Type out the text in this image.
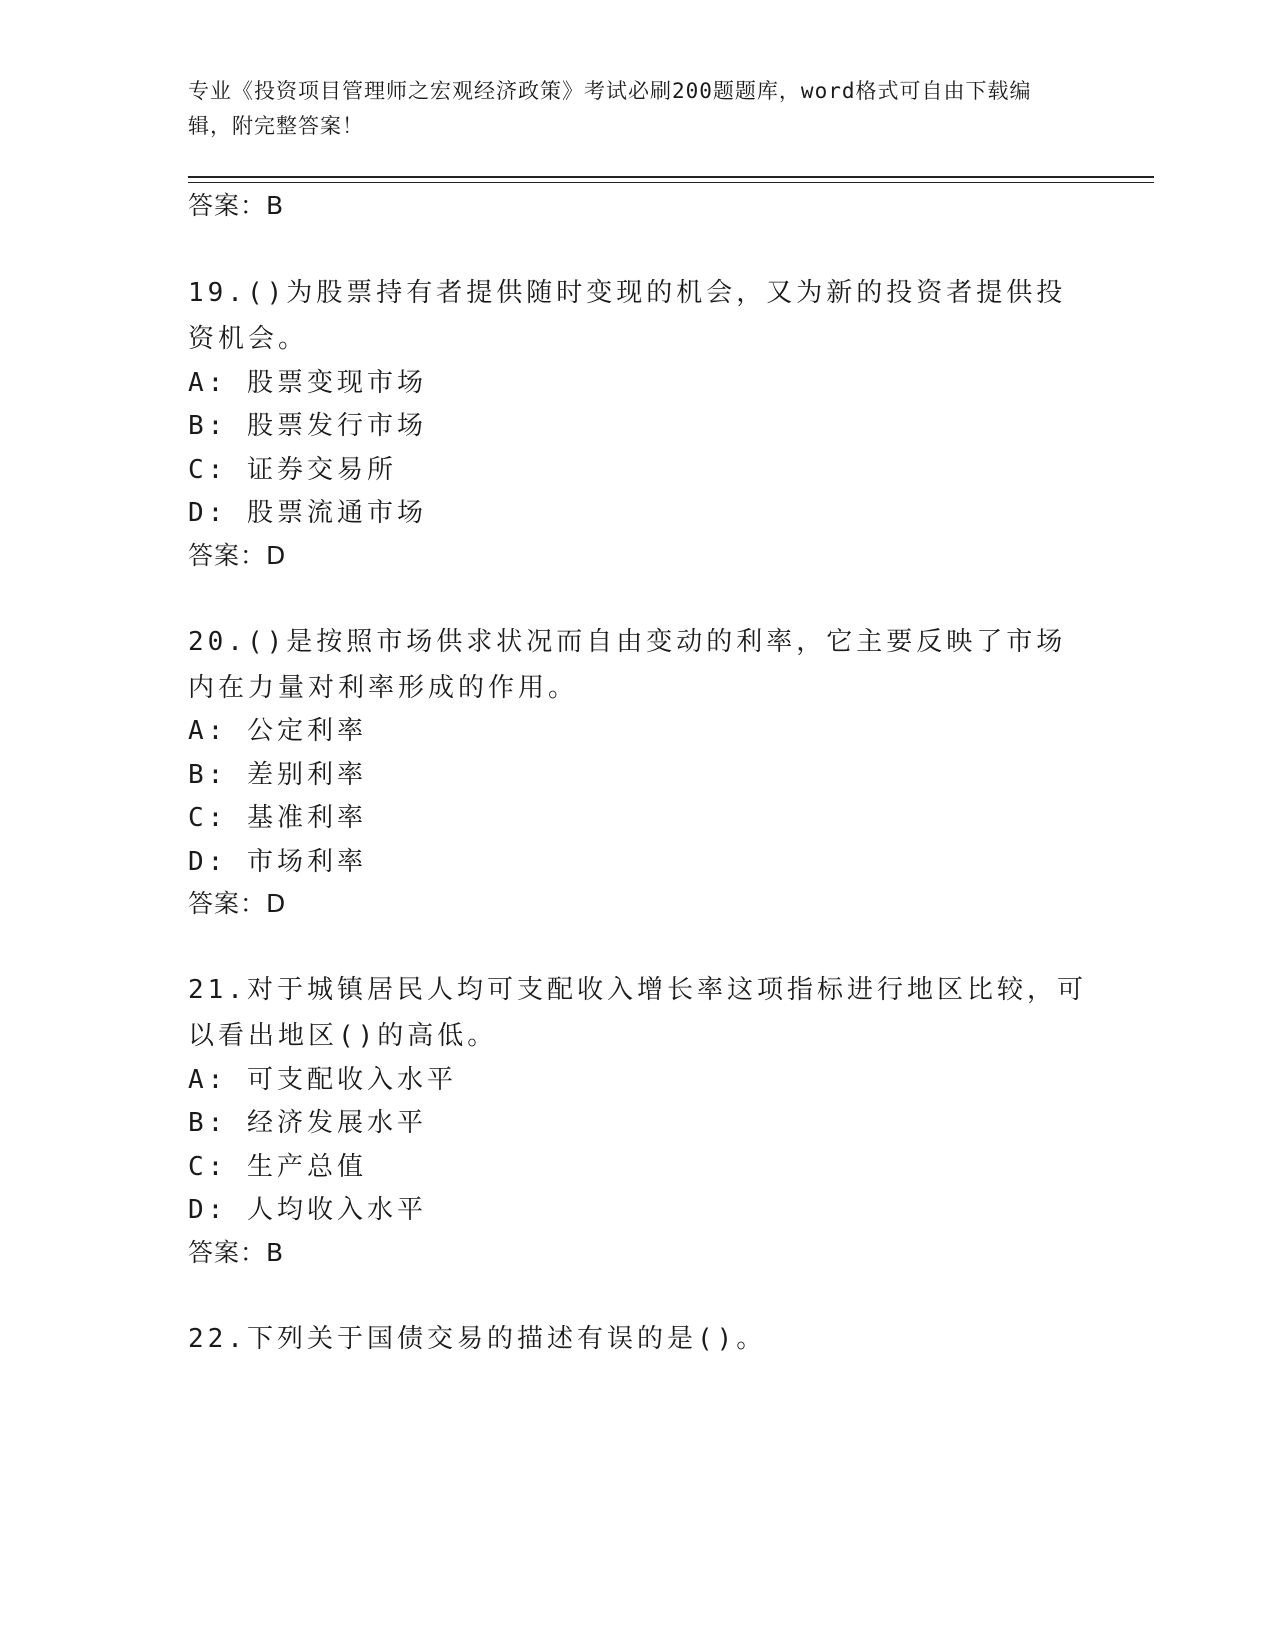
专业《投资项目管理师之宏观经济政策》考试必刷200题题库，word格式可自由下载编辑，附完整答案！
答案：B
19.()为股票持有者提供随时变现的机会，又为新的投资者提供投资机会。
A: 股票变现市场
B: 股票发行市场
C: 证券交易所
D: 股票流通市场
答案：D
20.()是按照市场供求状况而自由变动的利率，它主要反映了市场内在力量对利率形成的作用。
A: 公定利率
B: 差别利率
C: 基准利率
D: 市场利率
答案：D
21.对于城镇居民人均可支配收入增长率这项指标进行地区比较，可以看出地区()的高低。
A: 可支配收入水平
B: 经济发展水平
C: 生产总值
D: 人均收入水平
答案：B
22.下列关于国债交易的描述有误的是()。
